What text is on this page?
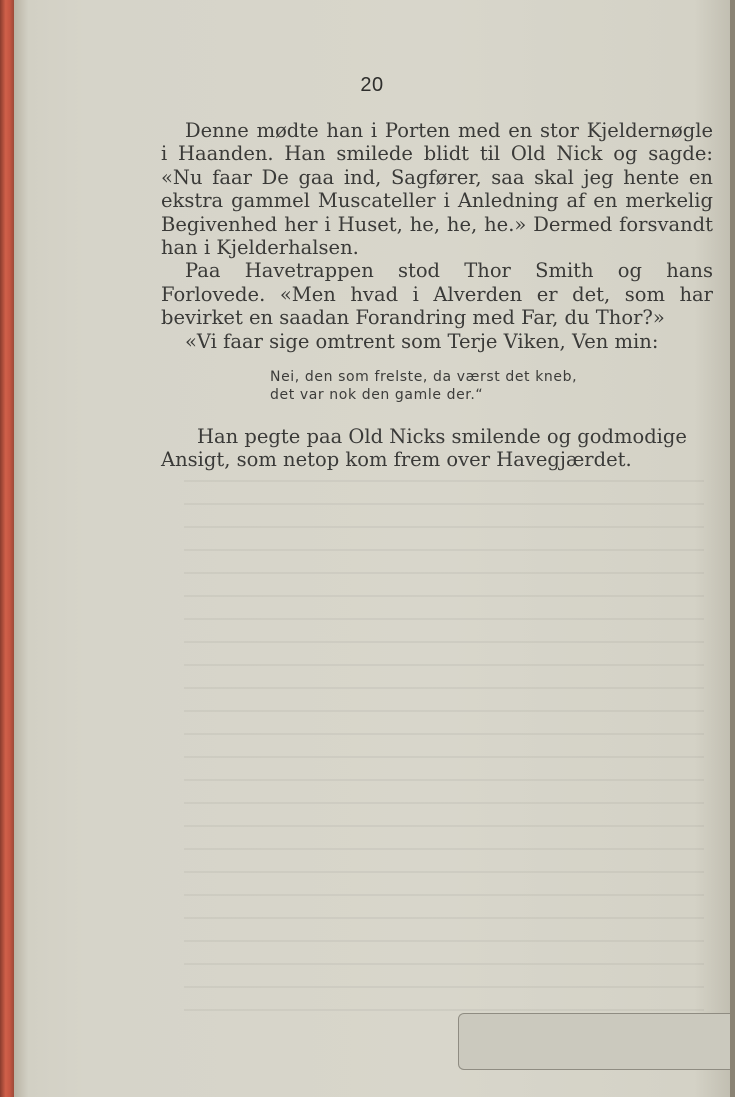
20

Denne mødte han i Porten med en stor Kjeldernøgle i Haanden. Han smilede blidt til Old Nick og sagde: «Nu faar De gaa ind, Sagfører, saa skal jeg hente en ekstra gammel Muscateller i Anledning af en merkelig Begivenhed her i Huset, he, he, he.» Dermed forsvandt han i Kjelderhalsen.

Paa Havetrappen stod Thor Smith og hans Forlovede. «Men hvad i Alverden er det, som har bevirket en saadan Forandring med Far, du Thor?»

«Vi faar sige omtrent som Terje Viken, Ven min:

Nei, den som frelste, da værst det kneb,
det var nok den gamle der.“

Han pegte paa Old Nicks smilende og godmodige Ansigt, som netop kom frem over Havegjærdet.
